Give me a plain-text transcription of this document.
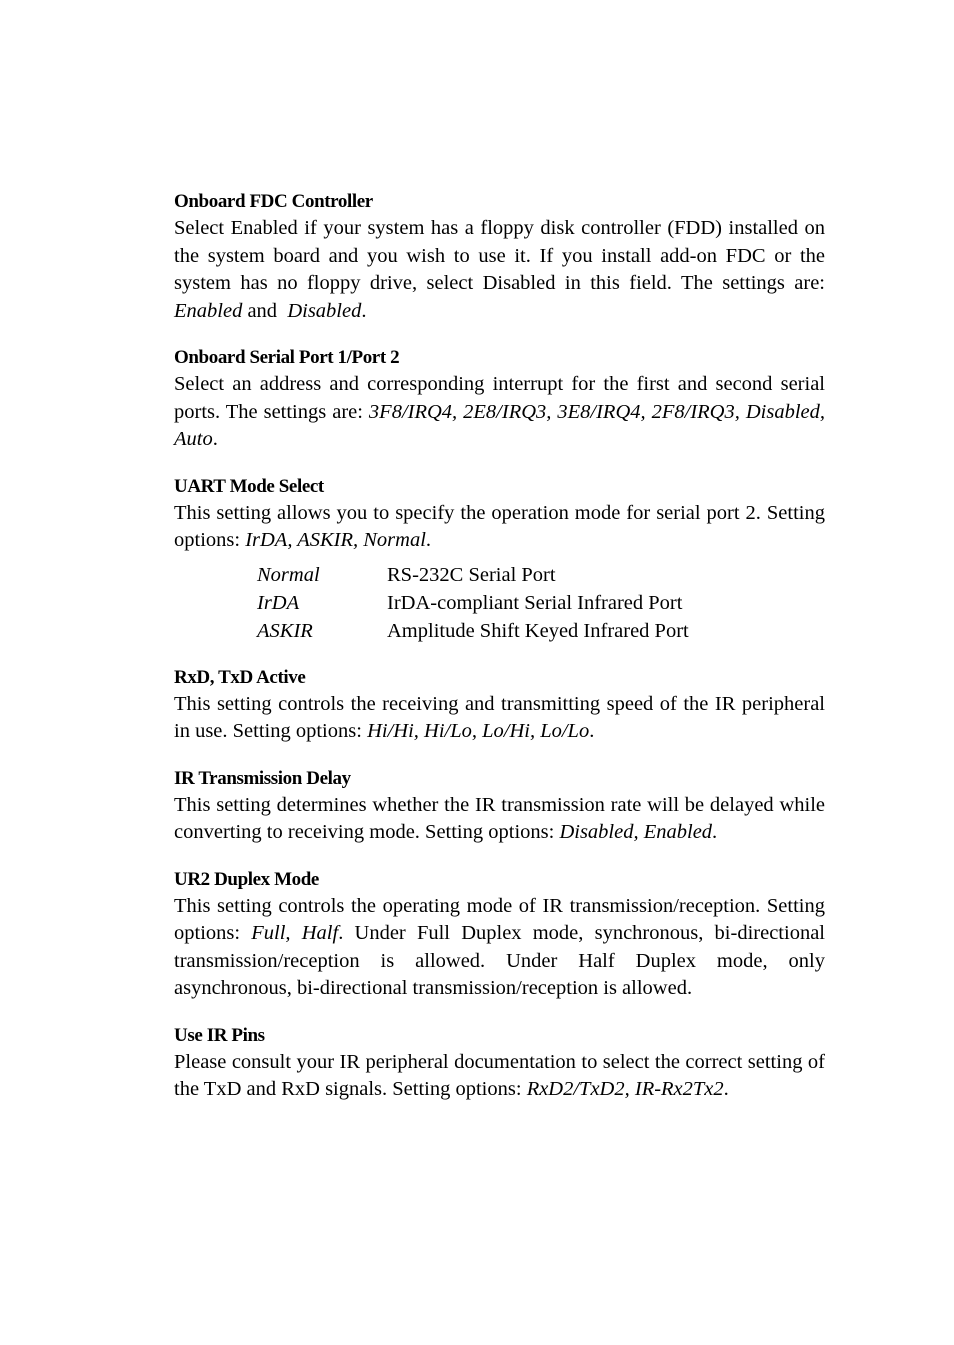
Onboard FDC Controller

Select Enabled if your system has a floppy disk controller (FDD) installed on the system board and you wish to use it. If you install add-on FDC or the system has no floppy drive, select Disabled in this field. The settings are: Enabled and  Disabled.

Onboard Serial Port 1/Port 2

Select an address and corresponding interrupt for the first and second serial ports. The settings are: 3F8/IRQ4, 2E8/IRQ3, 3E8/IRQ4, 2F8/IRQ3, Disabled, Auto.

UART Mode Select

This setting allows you to specify the operation mode for serial port 2. Setting options: IrDA, ASKIR, Normal.

Normal	RS-232C Serial Port
IrDA	IrDA-compliant Serial Infrared Port
ASKIR	Amplitude Shift Keyed Infrared Port

RxD, TxD Active

This setting controls the receiving and transmitting speed of the IR peripheral in use. Setting options: Hi/Hi, Hi/Lo, Lo/Hi, Lo/Lo.

IR Transmission Delay

This setting determines whether the IR transmission rate will be delayed while converting to receiving mode. Setting options: Disabled, Enabled.

UR2 Duplex Mode

This setting controls the operating mode of IR transmission/reception. Setting options: Full, Half. Under Full Duplex mode, synchronous, bi-directional transmission/reception is allowed. Under Half Duplex mode, only asynchronous, bi-directional transmission/reception is allowed.

Use IR Pins

Please consult your IR peripheral documentation to select the correct setting of the TxD and RxD signals. Setting options: RxD2/TxD2, IR-Rx2Tx2.
